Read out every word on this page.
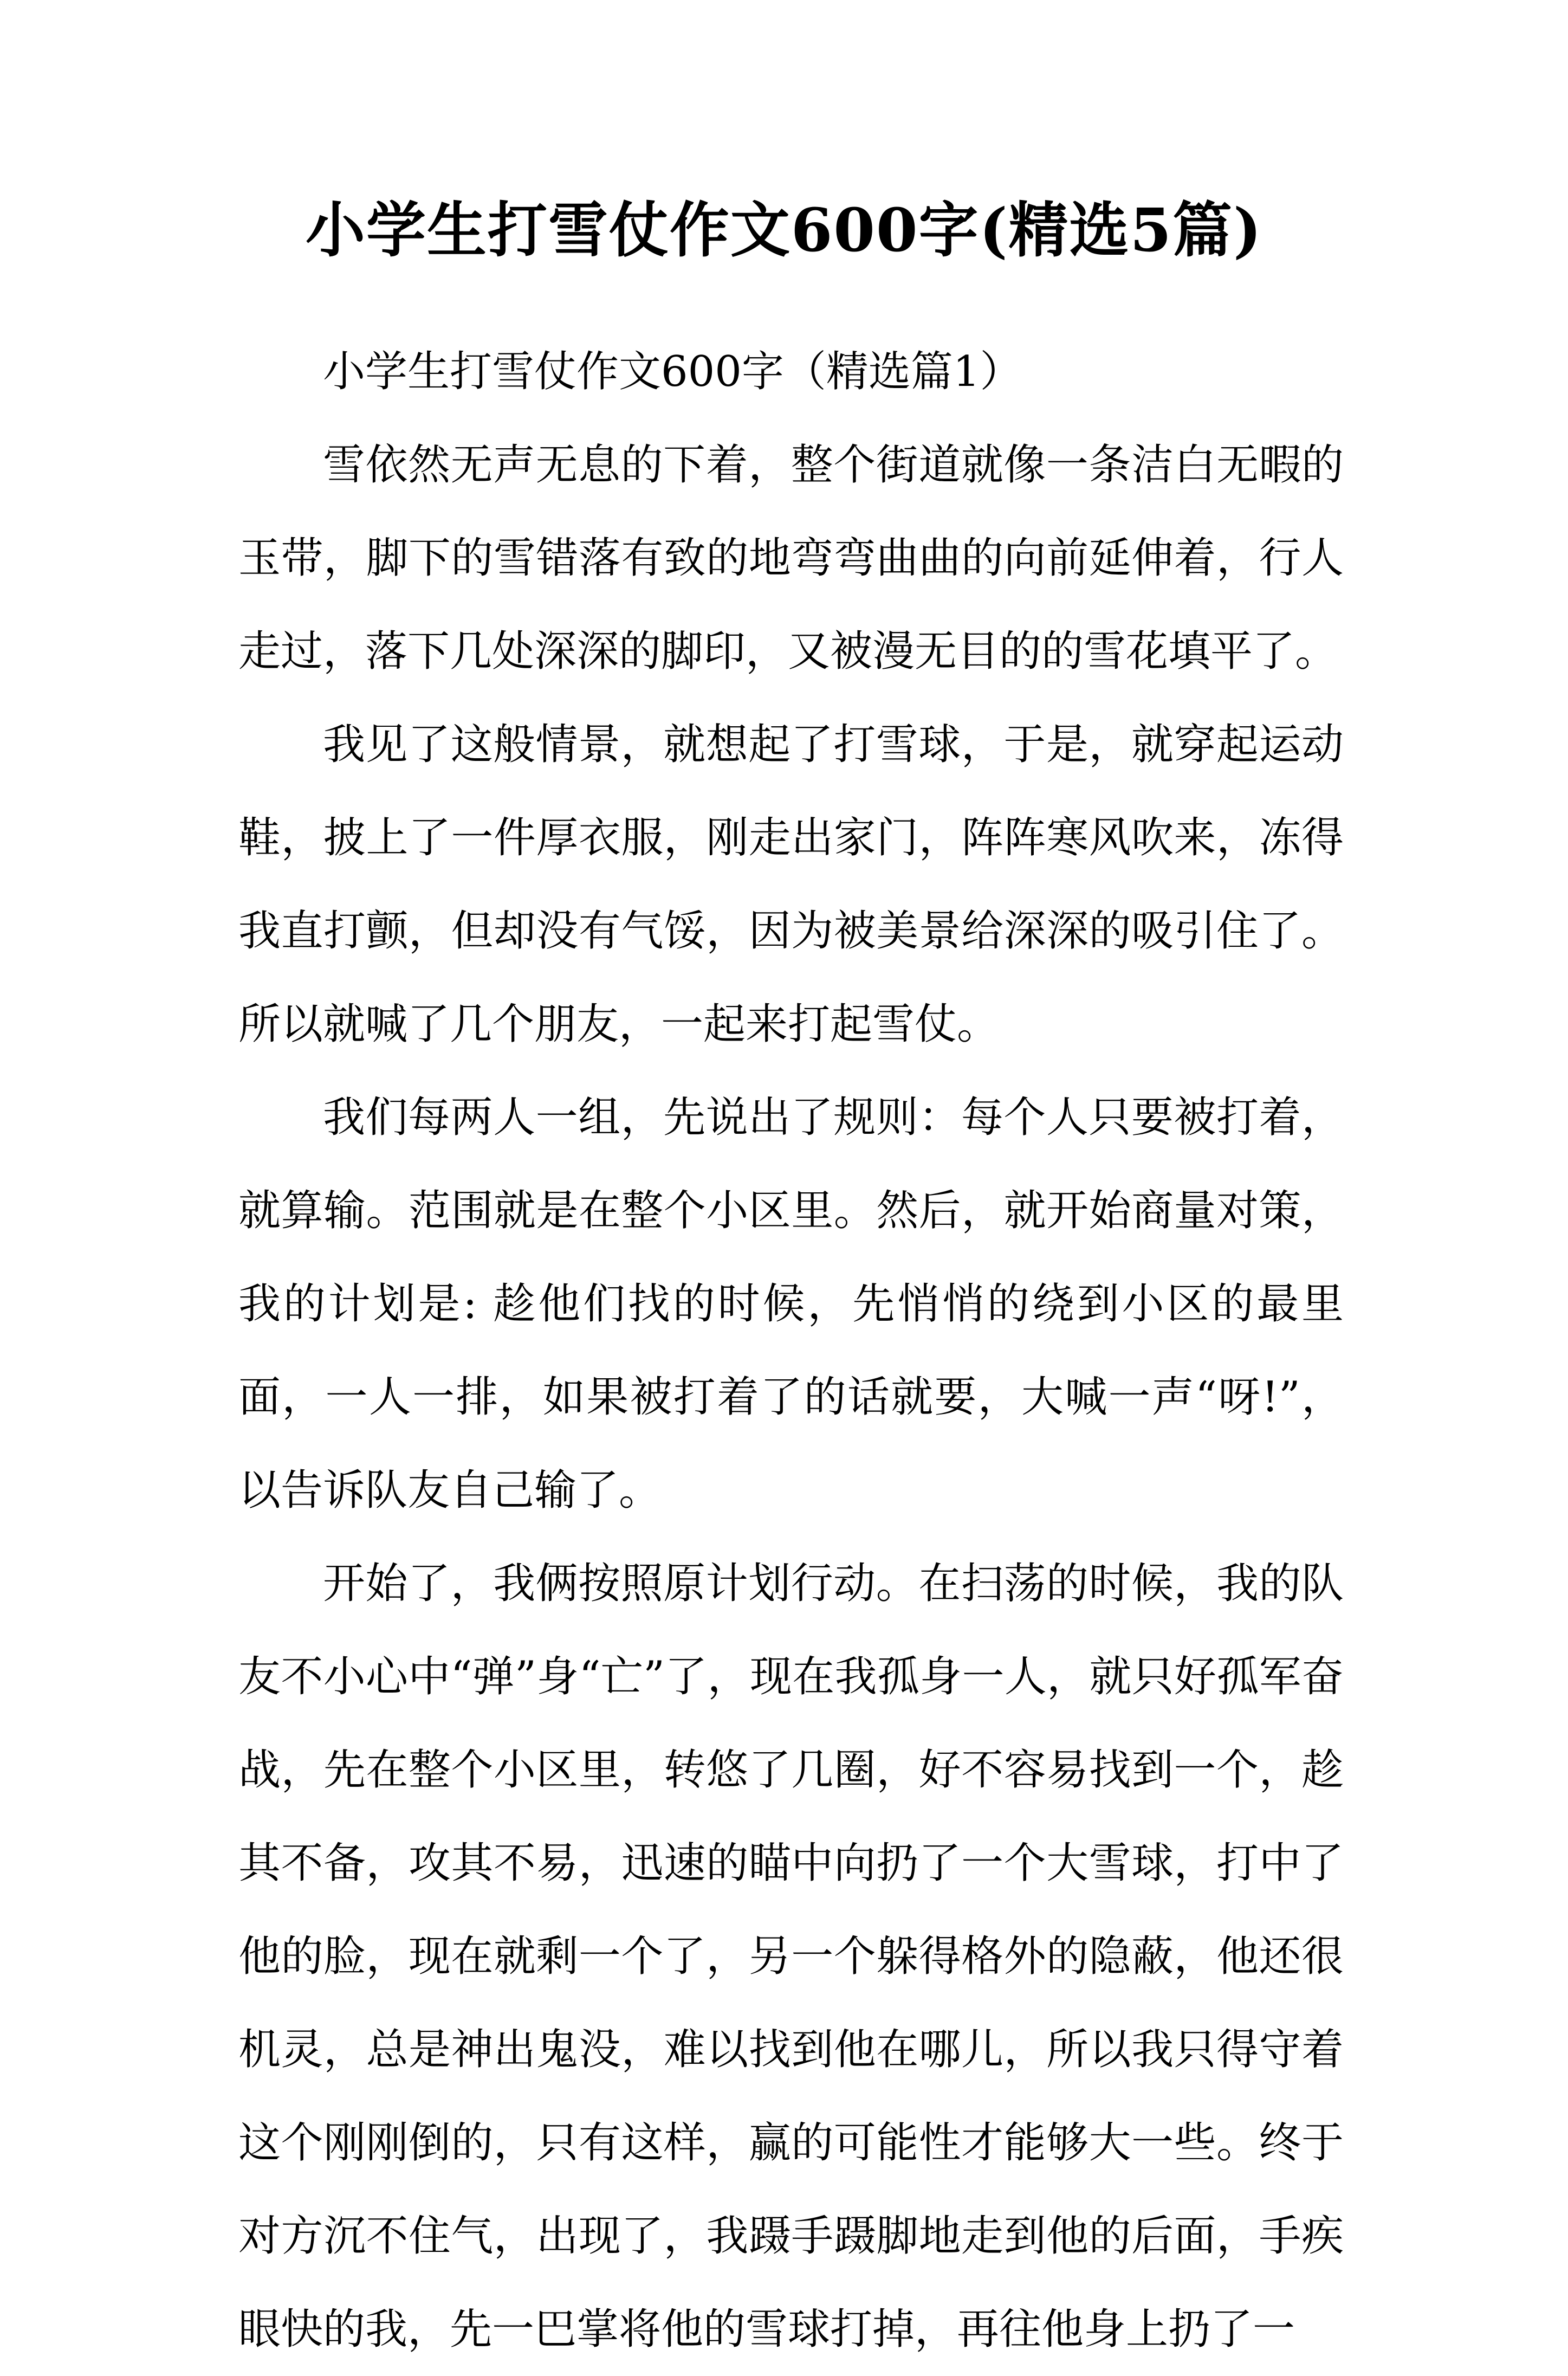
小学生打雪仗作文600字(精选5篇)

小学生打雪仗作文600字（精选篇1）

雪依然无声无息的下着，整个街道就像一条洁白无暇的玉带，脚下的雪错落有致的地弯弯曲曲的向前延伸着，行人走过，落下几处深深的脚印，又被漫无目的的雪花填平了。

我见了这般情景，就想起了打雪球，于是，就穿起运动鞋，披上了一件厚衣服，刚走出家门，阵阵寒风吹来，冻得我直打颤，但却没有气馁，因为被美景给深深的吸引住了。所以就喊了几个朋友，一起来打起雪仗。

我们每两人一组，先说出了规则：每个人只要被打着，就算输。范围就是在整个小区里。然后，就开始商量对策，我的计划是: 趁他们找的时候，先悄悄的绕到小区的最里面，一人一排，如果被打着了的话就要，大喊一声“呀!”，以告诉队友自己输了。

开始了，我俩按照原计划行动。在扫荡的时候，我的队友不小心中“弹”身“亡”了，现在我孤身一人，就只好孤军奋战，先在整个小区里，转悠了几圈，好不容易找到一个，趁其不备，攻其不易，迅速的瞄中向扔了一个大雪球，打中了他的脸，现在就剩一个了，另一个躲得格外的隐蔽，他还很机灵，总是神出鬼没，难以找到他在哪儿，所以我只得守着这个刚刚倒的，只有这样，赢的可能性才能够大一些。终于对方沉不住气，出现了，我蹑手蹑脚地走到他的后面，手疾眼快的我，先一巴掌将他的雪球打掉，再往他身上扔了一
